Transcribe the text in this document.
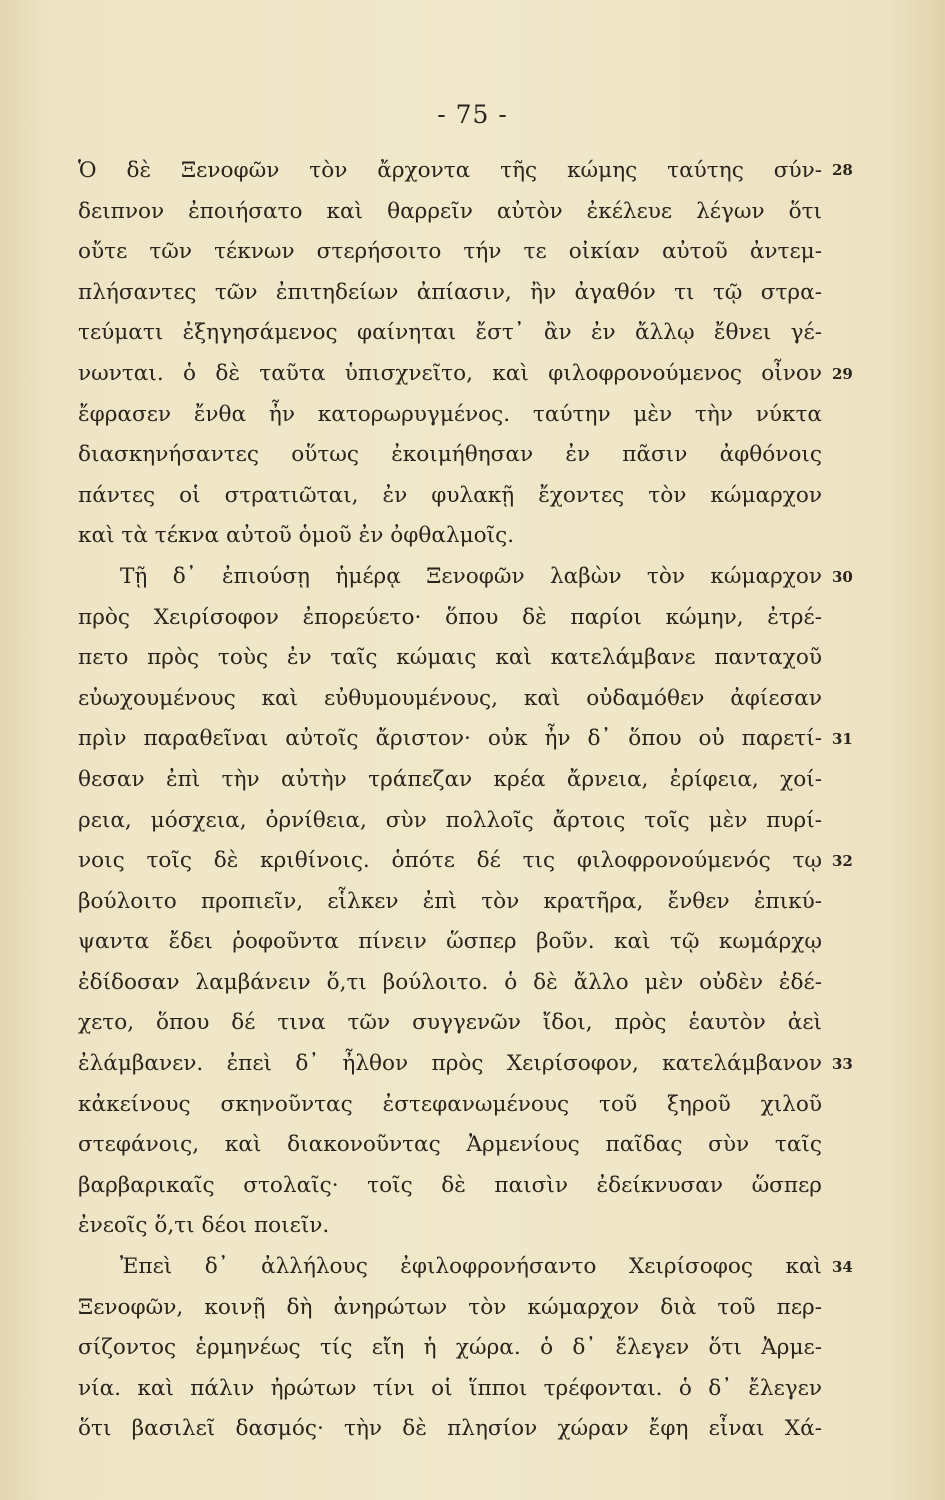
- 75 -
Ὁ δὲ Ξενοφῶν τὸν ἄρχοντα τῆς κώμης ταύτης σύν-
δειπνον ἐποιήσατο καὶ θαρρεῖν αὐτὸν ἐκέλευε λέγων ὅτι
οὔτε τῶν τέκνων στερήσοιτο τήν τε οἰκίαν αὐτοῦ ἀντεμ-
πλήσαντες τῶν ἐπιτηδείων ἀπίασιν, ἢν ἀγαθόν τι τῷ στρα-
τεύματι ἐξηγησάμενος φαίνηται ἔστ᾽ ἂν ἐν ἄλλῳ ἔθνει γέ-
νωνται. ὁ δὲ ταῦτα ὑπισχνεῖτο, καὶ φιλοφρονούμενος οἶνον
ἔφρασεν ἔνθα ἦν κατορωρυγμένος. ταύτην μὲν τὴν νύκτα
διασκηνήσαντες οὕτως ἐκοιμήθησαν ἐν πᾶσιν ἀφθόνοις
πάντες οἱ στρατιῶται, ἐν φυλακῇ ἔχοντες τὸν κώμαρχον
καὶ τὰ τέκνα αὐτοῦ ὁμοῦ ἐν ὀφθαλμοῖς.
Τῇ δ᾽ ἐπιούσῃ ἡμέρᾳ Ξενοφῶν λαβὼν τὸν κώμαρχον
πρὸς Χειρίσοφον ἐπορεύετο· ὅπου δὲ παρίοι κώμην, ἐτρέ-
πετο πρὸς τοὺς ἐν ταῖς κώμαις καὶ κατελάμβανε πανταχοῦ
εὐωχουμένους καὶ εὐθυμουμένους, καὶ οὐδαμόθεν ἀφίεσαν
πρὶν παραθεῖναι αὐτοῖς ἄριστον· οὐκ ἦν δ᾽ ὅπου οὐ παρετί-
θεσαν ἐπὶ τὴν αὐτὴν τράπεζαν κρέα ἄρνεια, ἐρίφεια, χοί-
ρεια, μόσχεια, ὀρνίθεια, σὺν πολλοῖς ἄρτοις τοῖς μὲν πυρί-
νοις τοῖς δὲ κριθίνοις. ὁπότε δέ τις φιλοφρονούμενός τῳ
βούλοιτο προπιεῖν, εἷλκεν ἐπὶ τὸν κρατῆρα, ἔνθεν ἐπικύ-
ψαντα ἔδει ῥοφοῦντα πίνειν ὥσπερ βοῦν. καὶ τῷ κωμάρχῳ
ἐδίδοσαν λαμβάνειν ὅ,τι βούλοιτο. ὁ δὲ ἄλλο μὲν οὐδὲν ἐδέ-
χετο, ὅπου δέ τινα τῶν συγγενῶν ἴδοι, πρὸς ἑαυτὸν ἀεὶ
ἐλάμβανεν. ἐπεὶ δ᾽ ἦλθον πρὸς Χειρίσοφον, κατελάμβανον
κἀκείνους σκηνοῦντας ἐστεφανωμένους τοῦ ξηροῦ χιλοῦ
στεφάνοις, καὶ διακονοῦντας Ἀρμενίους παῖδας σὺν ταῖς
βαρβαρικαῖς στολαῖς· τοῖς δὲ παισὶν ἐδείκνυσαν ὥσπερ
ἐνεοῖς ὅ,τι δέοι ποιεῖν.
Ἐπεὶ δ᾽ ἀλλήλους ἐφιλοφρονήσαντο Χειρίσοφος καὶ
Ξενοφῶν, κοινῇ δὴ ἀνηρώτων τὸν κώμαρχον διὰ τοῦ περ-
σίζοντος ἑρμηνέως τίς εἴη ἡ χώρα. ὁ δ᾽ ἔλεγεν ὅτι Ἀρμε-
νία. καὶ πάλιν ἠρώτων τίνι οἱ ἵπποι τρέφονται. ὁ δ᾽ ἔλεγεν
ὅτι βασιλεῖ δασμός· τὴν δὲ πλησίον χώραν ἔφη εἶναι Χά-
28
29
30
31
32
33
34
